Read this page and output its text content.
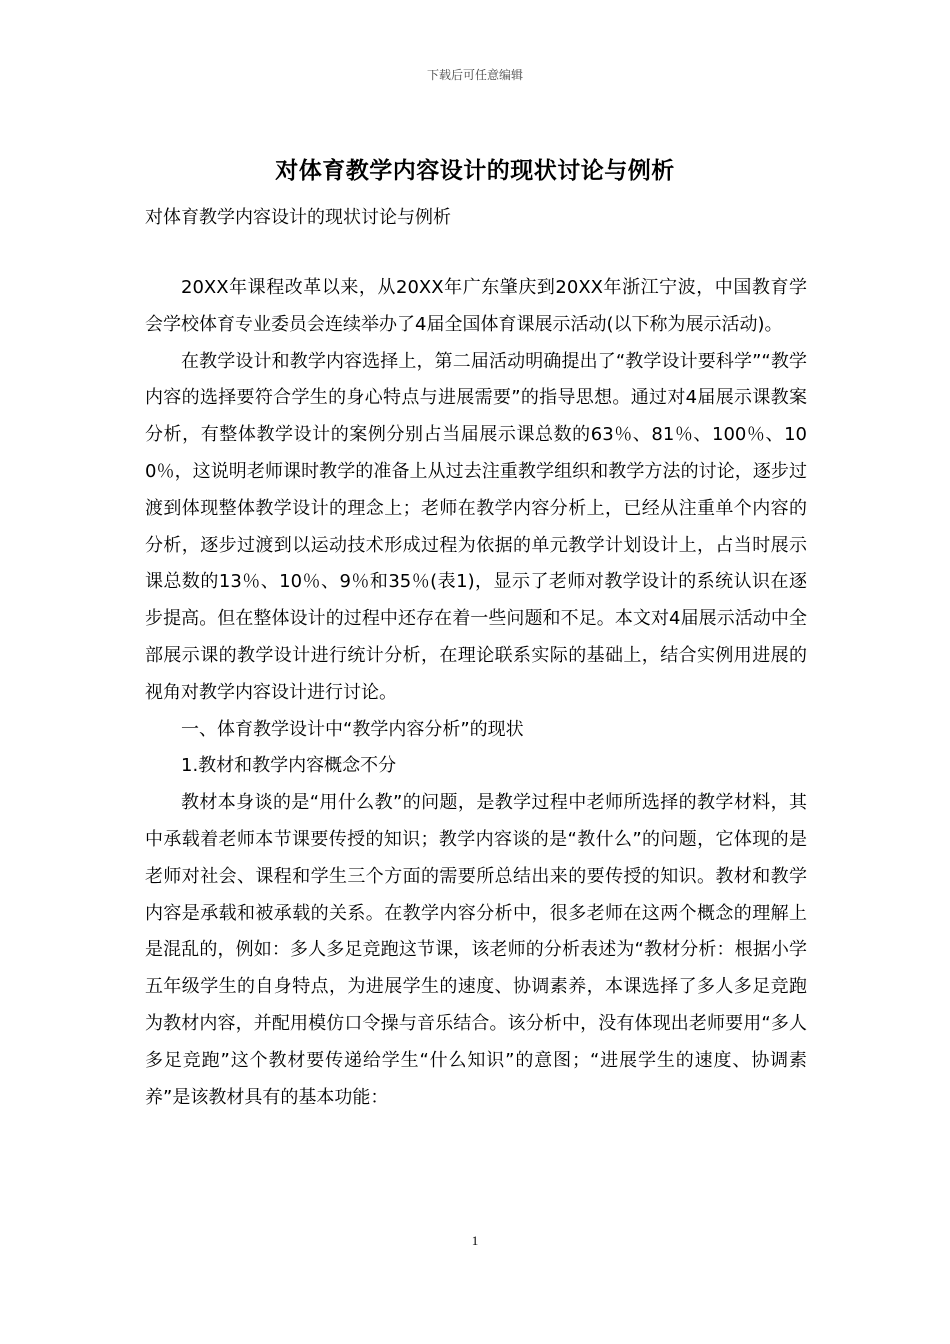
下载后可任意编辑
对体育教学内容设计的现状讨论与例析
对体育教学内容设计的现状讨论与例析

20XX年课程改革以来，从20XX年广东肇庆到20XX年浙江宁波，中国教育学会学校体育专业委员会连续举办了4届全国体育课展示活动(以下称为展示活动)。

在教学设计和教学内容选择上，第二届活动明确提出了“教学设计要科学”“教学内容的选择要符合学生的身心特点与进展需要”的指导思想。通过对4届展示课教案分析，有整体教学设计的案例分别占当届展示课总数的63％、81％、100％、100％，这说明老师课时教学的准备上从过去注重教学组织和教学方法的讨论，逐步过渡到体现整体教学设计的理念上；老师在教学内容分析上，已经从注重单个内容的分析，逐步过渡到以运动技术形成过程为依据的单元教学计划设计上，占当时展示课总数的13％、10％、9％和35％(表1)，显示了老师对教学设计的系统认识在逐步提高。但在整体设计的过程中还存在着一些问题和不足。本文对4届展示活动中全部展示课的教学设计进行统计分析，在理论联系实际的基础上，结合实例用进展的视角对教学内容设计进行讨论。

一、体育教学设计中“教学内容分析”的现状

1.教材和教学内容概念不分

教材本身谈的是“用什么教”的问题，是教学过程中老师所选择的教学材料，其中承载着老师本节课要传授的知识；教学内容谈的是“教什么”的问题，它体现的是老师对社会、课程和学生三个方面的需要所总结出来的要传授的知识。教材和教学内容是承载和被承载的关系。在教学内容分析中，很多老师在这两个概念的理解上是混乱的，例如：多人多足竞跑这节课，该老师的分析表述为“教材分析：根据小学五年级学生的自身特点，为进展学生的速度、协调素养，本课选择了多人多足竞跑为教材内容，并配用模仿口令操与音乐结合。该分析中，没有体现出老师要用“多人多足竞跑”这个教材要传递给学生“什么知识”的意图；“进展学生的速度、协调素养”是该教材具有的基本功能：

1
